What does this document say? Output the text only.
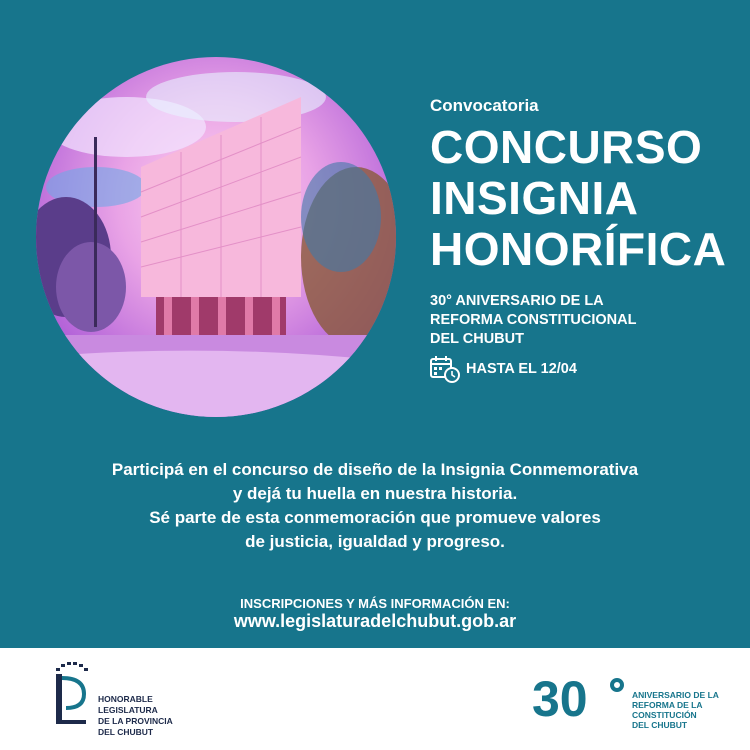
Convocatoria
CONCURSO
INSIGNIA
HONORÍFICA
30° ANIVERSARIO DE LA
REFORMA CONSTITUCIONAL
DEL CHUBUT
HASTA EL 12/04
Participá en el concurso de diseño de la Insignia Conmemorativa
y dejá tu huella en nuestra historia.
Sé parte de esta conmemoración que promueve valores
de justicia, igualdad y progreso.
INSCRIPCIONES Y MÁS INFORMACIÓN EN:
www.legislaturadelchubut.gob.ar
HONORABLE
LEGISLATURA
DE LA PROVINCIA
DEL CHUBUT
30	ANIVERSARIO DE LA
REFORMA DE LA
CONSTITUCIÓN
DEL CHUBUT
